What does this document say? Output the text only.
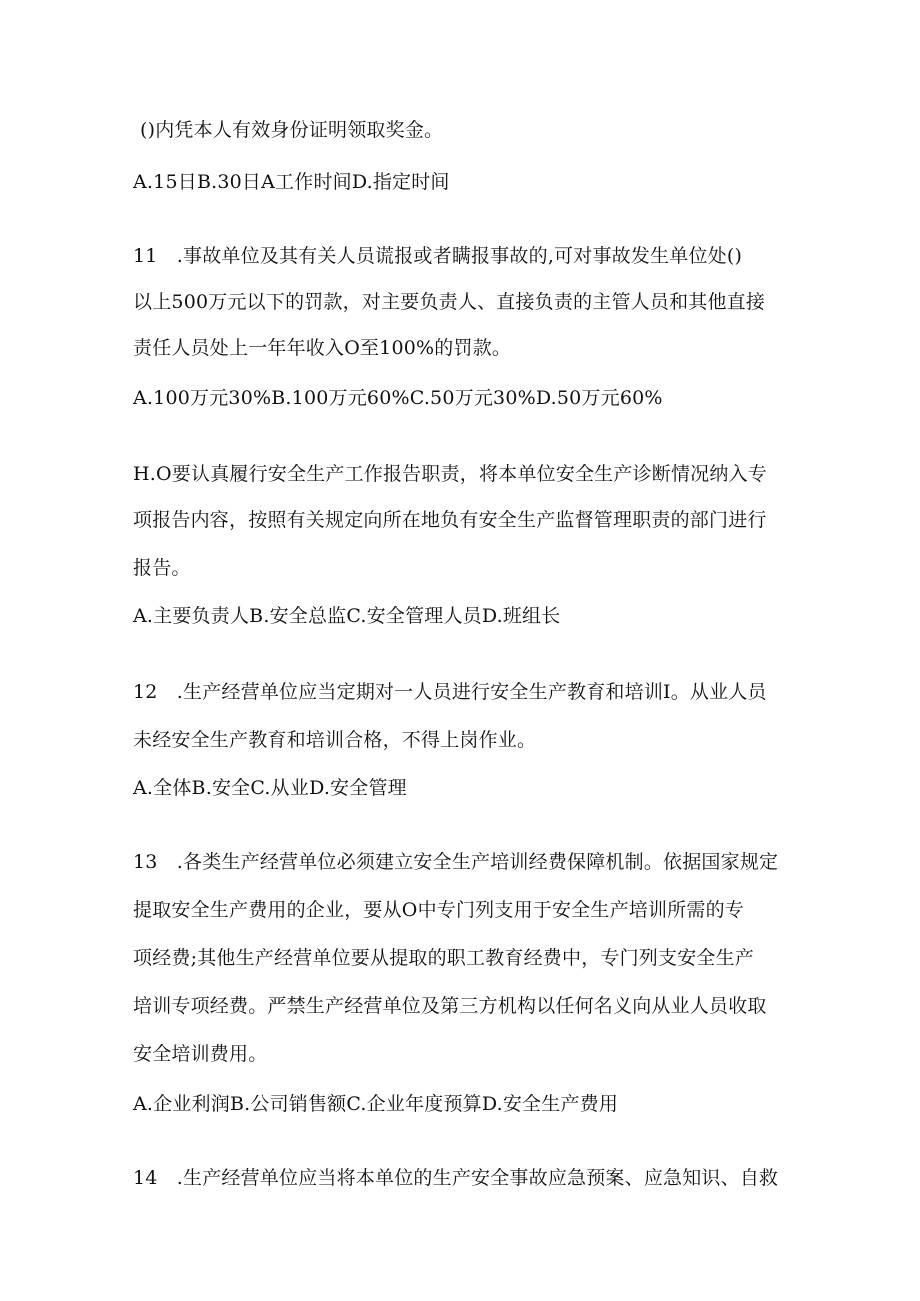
()内凭本人有效身份证明领取奖金。
A.15日B.30日A工作时间D.指定时间
11　.事故单位及其有关人员谎报或者瞒报事故的,可对事故发生单位处()
以上500万元以下的罚款，对主要负责人、直接负责的主管人员和其他直接
责任人员处上一年年收入O至100%的罚款。
A.100万元30%B.100万元60%C.50万元30%D.50万元60%
H.O要认真履行安全生产工作报告职责，将本单位安全生产诊断情况纳入专
项报告内容，按照有关规定向所在地负有安全生产监督管理职责的部门进行
报告。
A.主要负责人B.安全总监C.安全管理人员D.班组长
12　.生产经营单位应当定期对一人员进行安全生产教育和培训I。从业人员
未经安全生产教育和培训合格，不得上岗作业。
A.全体B.安全C.从业D.安全管理
13　.各类生产经营单位必须建立安全生产培训经费保障机制。依据国家规定
提取安全生产费用的企业，要从O中专门列支用于安全生产培训所需的专
项经费;其他生产经营单位要从提取的职工教育经费中，专门列支安全生产
培训专项经费。严禁生产经营单位及第三方机构以任何名义向从业人员收取
安全培训费用。
A.企业利润B.公司销售额C.企业年度预算D.安全生产费用
14　.生产经营单位应当将本单位的生产安全事故应急预案、应急知识、自救
